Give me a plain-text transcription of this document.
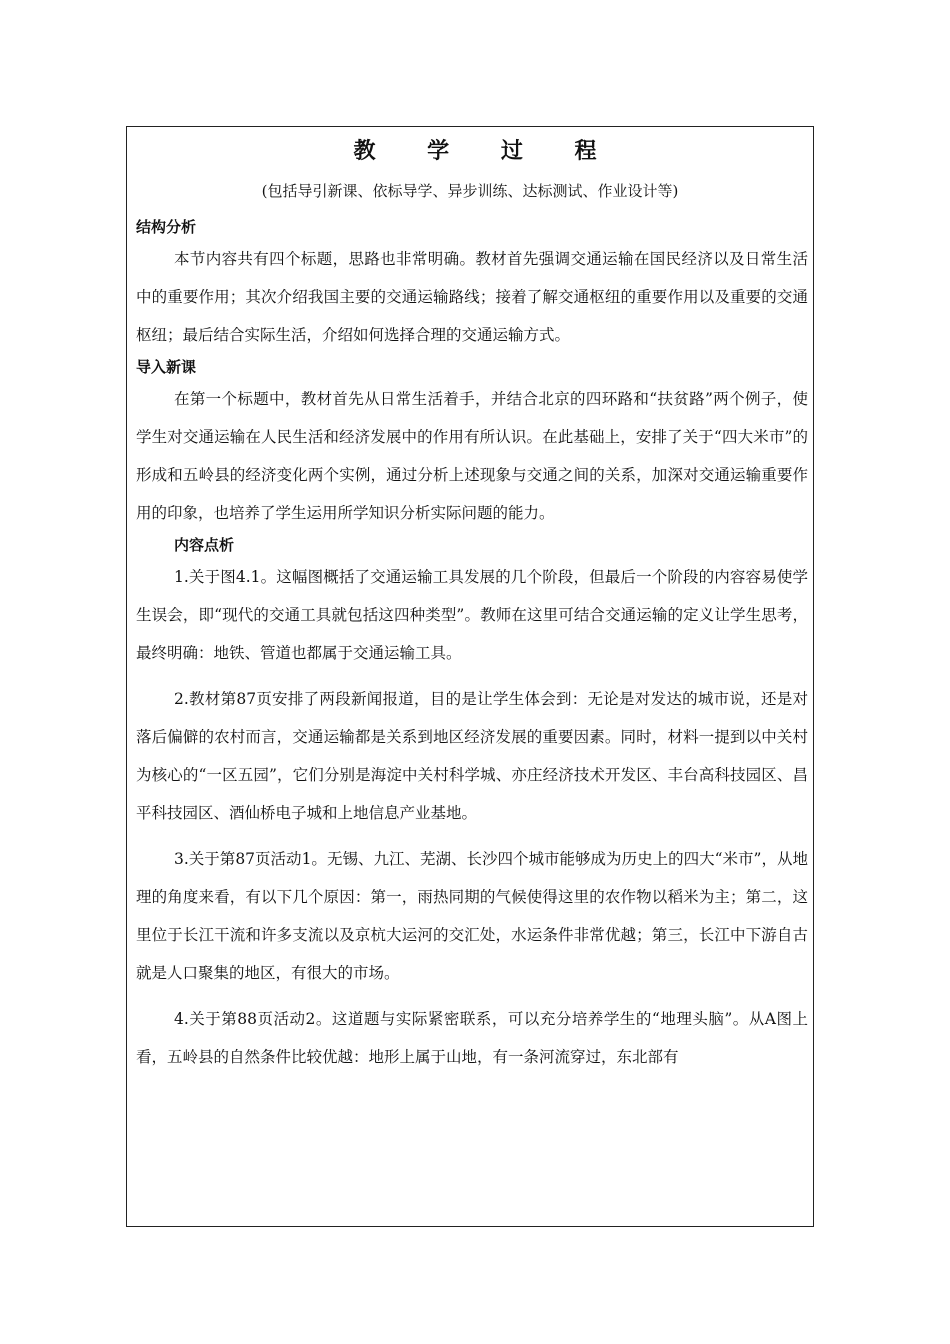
教 学 过 程
(包括导引新课、依标导学、异步训练、达标测试、作业设计等)
结构分析

本节内容共有四个标题，思路也非常明确。教材首先强调交通运输在国民经济以及日常生活中的重要作用；其次介绍我国主要的交通运输路线；接着了解交通枢纽的重要作用以及重要的交通枢纽；最后结合实际生活，介绍如何选择合理的交通运输方式。

导入新课

在第一个标题中，教材首先从日常生活着手，并结合北京的四环路和“扶贫路”两个例子，使学生对交通运输在人民生活和经济发展中的作用有所认识。在此基础上，安排了关于“四大米市”的形成和五岭县的经济变化两个实例，通过分析上述现象与交通之间的关系，加深对交通运输重要作用的印象，也培养了学生运用所学知识分析实际问题的能力。

内容点析

1.关于图4.1。这幅图概括了交通运输工具发展的几个阶段，但最后一个阶段的内容容易使学生误会，即“现代的交通工具就包括这四种类型”。教师在这里可结合交通运输的定义让学生思考，最终明确：地铁、管道也都属于交通运输工具。

2.教材第87页安排了两段新闻报道，目的是让学生体会到：无论是对发达的城市说，还是对落后偏僻的农村而言，交通运输都是关系到地区经济发展的重要因素。同时，材料一提到以中关村为核心的“一区五园”，它们分别是海淀中关村科学城、亦庄经济技术开发区、丰台高科技园区、昌平科技园区、酒仙桥电子城和上地信息产业基地。

3.关于第87页活动1。无锡、九江、芜湖、长沙四个城市能够成为历史上的四大“米市”，从地理的角度来看，有以下几个原因：第一，雨热同期的气候使得这里的农作物以稻米为主；第二，这里位于长江干流和许多支流以及京杭大运河的交汇处，水运条件非常优越；第三，长江中下游自古就是人口聚集的地区，有很大的市场。

4.关于第88页活动2。这道题与实际紧密联系，可以充分培养学生的“地理头脑”。从A图上看，五岭县的自然条件比较优越：地形上属于山地，有一条河流穿过，东北部有
